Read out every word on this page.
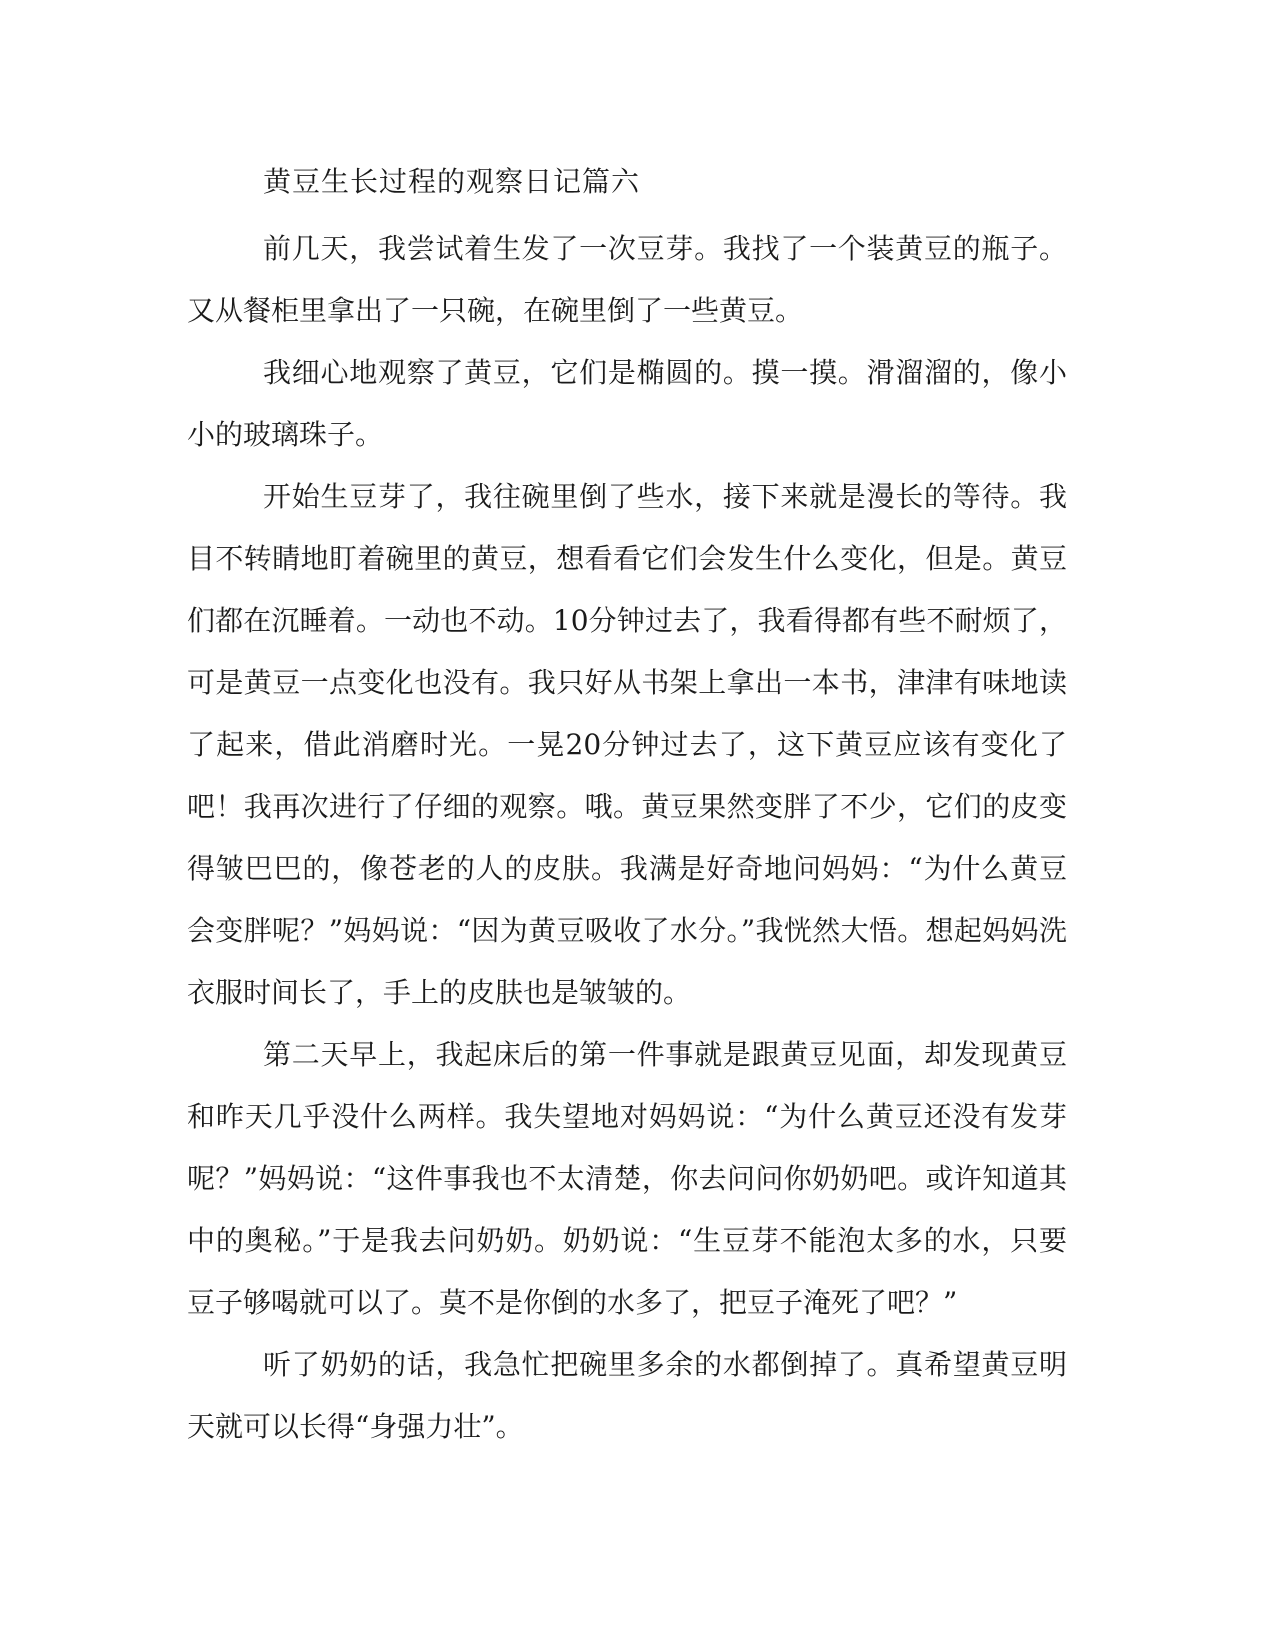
黄豆生长过程的观察日记篇六

前几天，我尝试着生发了一次豆芽。我找了一个装黄豆的瓶子。又从餐柜里拿出了一只碗，在碗里倒了一些黄豆。

我细心地观察了黄豆，它们是椭圆的。摸一摸。滑溜溜的，像小小的玻璃珠子。

开始生豆芽了，我往碗里倒了些水，接下来就是漫长的等待。我目不转睛地盯着碗里的黄豆，想看看它们会发生什么变化，但是。黄豆们都在沉睡着。一动也不动。10分钟过去了，我看得都有些不耐烦了，可是黄豆一点变化也没有。我只好从书架上拿出一本书，津津有味地读了起来，借此消磨时光。一晃20分钟过去了，这下黄豆应该有变化了吧！我再次进行了仔细的观察。哦。黄豆果然变胖了不少，它们的皮变得皱巴巴的，像苍老的人的皮肤。我满是好奇地问妈妈：“为什么黄豆会变胖呢？”妈妈说：“因为黄豆吸收了水分。”我恍然大悟。想起妈妈洗衣服时间长了，手上的皮肤也是皱皱的。

第二天早上，我起床后的第一件事就是跟黄豆见面，却发现黄豆和昨天几乎没什么两样。我失望地对妈妈说：“为什么黄豆还没有发芽呢？”妈妈说：“这件事我也不太清楚，你去问问你奶奶吧。或许知道其中的奥秘。”于是我去问奶奶。奶奶说：“生豆芽不能泡太多的水，只要豆子够喝就可以了。莫不是你倒的水多了，把豆子淹死了吧？”

听了奶奶的话，我急忙把碗里多余的水都倒掉了。真希望黄豆明天就可以长得“身强力壮”。
